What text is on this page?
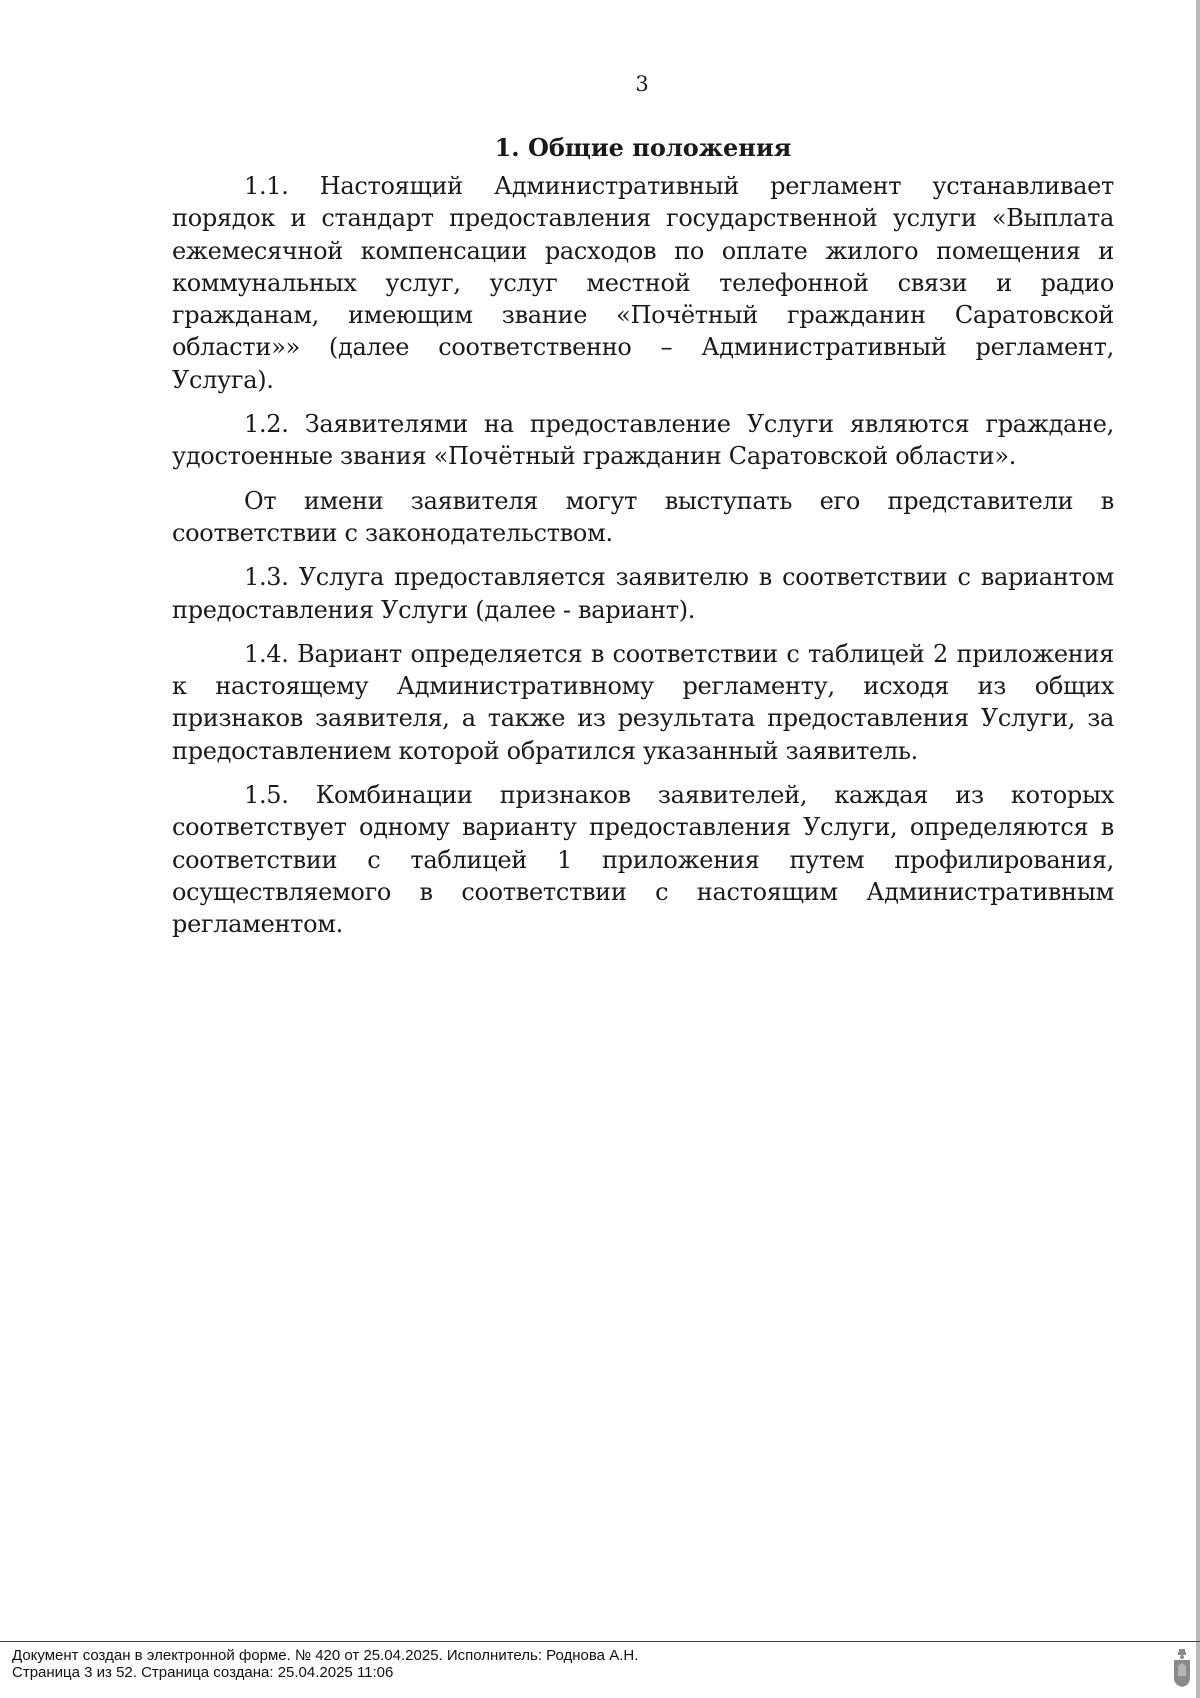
3
1. Общие положения

1.1. Настоящий Административный регламент устанавливает порядок и стандарт предоставления государственной услуги «Выплата ежемесячной компенсации расходов по оплате жилого помещения и коммунальных услуг, услуг местной телефонной связи и радио гражданам, имеющим звание «Почётный гражданин Саратовской области»» (далее соответственно – Административный регламент, Услуга).

1.2. Заявителями на предоставление Услуги являются граждане, удостоенные звания «Почётный гражданин Саратовской области».

От имени заявителя могут выступать его представители в соответствии с законодательством.

1.3. Услуга предоставляется заявителю в соответствии с вариантом предоставления Услуги (далее - вариант).

1.4. Вариант определяется в соответствии с таблицей 2 приложения к настоящему Административному регламенту, исходя из общих признаков заявителя, а также из результата предоставления Услуги, за предоставлением которой обратился указанный заявитель.

1.5. Комбинации признаков заявителей, каждая из которых соответствует одному варианту предоставления Услуги, определяются в соответствии с таблицей 1 приложения путем профилирования, осуществляемого в соответствии с настоящим Административным регламентом.

Документ создан в электронной форме. № 420 от 25.04.2025. Исполнитель: Роднова А.Н.
Страница 3 из 52. Страница создана: 25.04.2025 11:06
